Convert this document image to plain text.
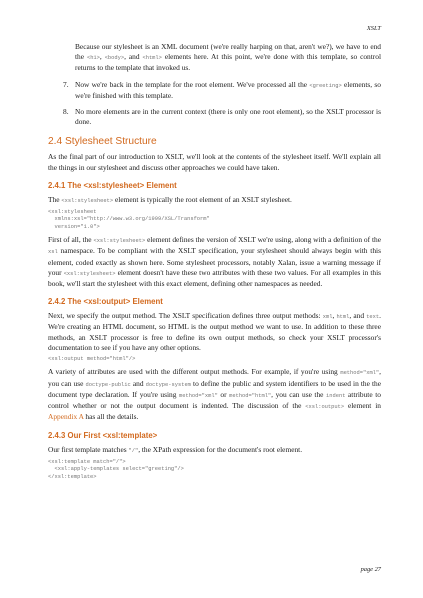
XSLT

Because our stylesheet is an XML document (we're really harping on that, aren't we?), we have to end the <h1>, <body>, and <html> elements here. At this point, we're done with this template, so control returns to the template that invoked us.

7. Now we're back in the template for the root element. We've processed all the <greeting> elements, so we're finished with this template.

8. No more elements are in the current context (there is only one root element), so the XSLT processor is done.

2.4 Stylesheet Structure

As the final part of our introduction to XSLT, we'll look at the contents of the stylesheet itself. We'll explain all the things in our stylesheet and discuss other approaches we could have taken.

2.4.1 The <xsl:stylesheet> Element

The <xsl:stylesheet> element is typically the root element of an XSLT stylesheet.

<xsl:stylesheet
xmlns:xsl="http://www.w3.org/1999/XSL/Transform"
version="1.0">

First of all, the <xsl:stylesheet> element defines the version of XSLT we're using, along with a definition of the xsl namespace. To be compliant with the XSLT specification, your stylesheet should always begin with this element, coded exactly as shown here. Some stylesheet processors, notably Xalan, issue a warning message if your <xsl:stylesheet> element doesn't have these two attributes with these two values. For all examples in this book, we'll start the stylesheet with this exact element, defining other namespaces as needed.

2.4.2 The <xsl:output> Element

Next, we specify the output method. The XSLT specification defines three output methods: xml, html, and text. We're creating an HTML document, so HTML is the output method we want to use. In addition to these three methods, an XSLT processor is free to define its own output methods, so check your XSLT processor's documentation to see if you have any other options.

<xsl:output method="html"/>

A variety of attributes are used with the different output methods. For example, if you're using method="xml", you can use doctype-public and doctype-system to define the public and system identifiers to be used in the the document type declaration. If you're using method="xml" or method="html", you can use the indent attribute to control whether or not the output document is indented. The discussion of the <xsl:output> element in Appendix A has all the details.

2.4.3 Our First <xsl:template>

Our first template matches "/", the XPath expression for the document's root element.

<xsl:template match="/">
<xsl:apply-templates select="greeting"/>
</xsl:template>
page 27
